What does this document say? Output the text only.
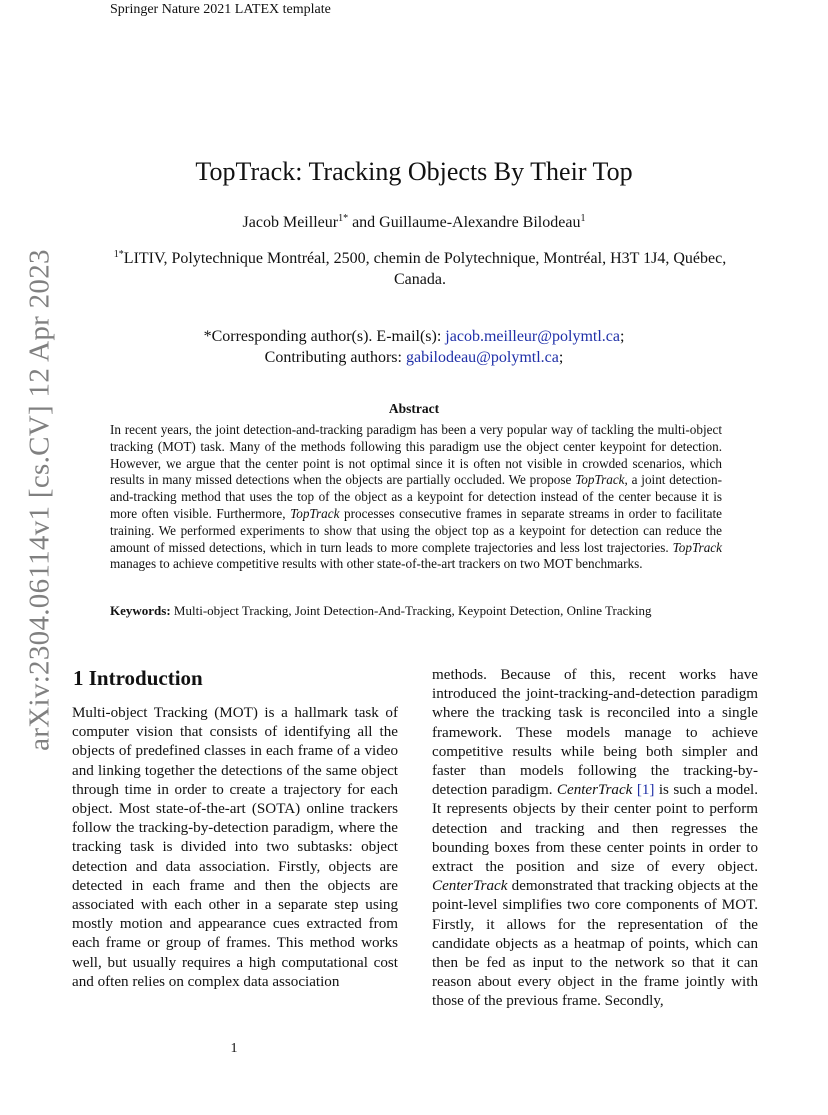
Springer Nature 2021 LATEX template
arXiv:2304.06114v1 [cs.CV] 12 Apr 2023
TopTrack: Tracking Objects By Their Top
Jacob Meilleur$^{1*}$ and Guillaume-Alexandre Bilodeau$^1$
$^{1*}$LITIV, Polytechnique Montréal, 2500, chemin de Polytechnique, Montréal, H3T 1J4, Québec, Canada.
*Corresponding author(s). E-mail(s): jacob.meilleur@polymtl.ca;
Contributing authors: gabilodeau@polymtl.ca;
Abstract
In recent years, the joint detection-and-tracking paradigm has been a very popular way of tackling the multi-object tracking (MOT) task. Many of the methods following this paradigm use the object center keypoint for detection. However, we argue that the center point is not optimal since it is often not visible in crowded scenarios, which results in many missed detections when the objects are partially occluded. We propose TopTrack, a joint detection-and-tracking method that uses the top of the object as a keypoint for detection instead of the center because it is more often visible. Furthermore, TopTrack processes consecutive frames in separate streams in order to facilitate training. We performed experiments to show that using the object top as a keypoint for detection can reduce the amount of missed detections, which in turn leads to more complete trajectories and less lost trajectories. TopTrack manages to achieve competitive results with other state-of-the-art trackers on two MOT benchmarks.
Keywords: Multi-object Tracking, Joint Detection-And-Tracking, Keypoint Detection, Online Tracking
1 Introduction
Multi-object Tracking (MOT) is a hallmark task of computer vision that consists of identifying all the objects of predefined classes in each frame of a video and linking together the detections of the same object through time in order to create a trajectory for each object. Most state-of-the-art (SOTA) online trackers follow the tracking-by-detection paradigm, where the tracking task is divided into two subtasks: object detection and data association. Firstly, objects are detected in each frame and then the objects are associated with each other in a separate step using mostly motion and appearance cues extracted from each frame or group of frames. This method works well, but usually requires a high computational cost and often relies on complex data association
methods. Because of this, recent works have introduced the joint-tracking-and-detection paradigm where the tracking task is reconciled into a single framework. These models manage to achieve competitive results while being both simpler and faster than models following the tracking-by-detection paradigm. CenterTrack [1] is such a model. It represents objects by their center point to perform detection and tracking and then regresses the bounding boxes from these center points in order to extract the position and size of every object. CenterTrack demonstrated that tracking objects at the point-level simplifies two core components of MOT. Firstly, it allows for the representation of the candidate objects as a heatmap of points, which can then be fed as input to the network so that it can reason about every object in the frame jointly with those of the previous frame. Secondly,
1
